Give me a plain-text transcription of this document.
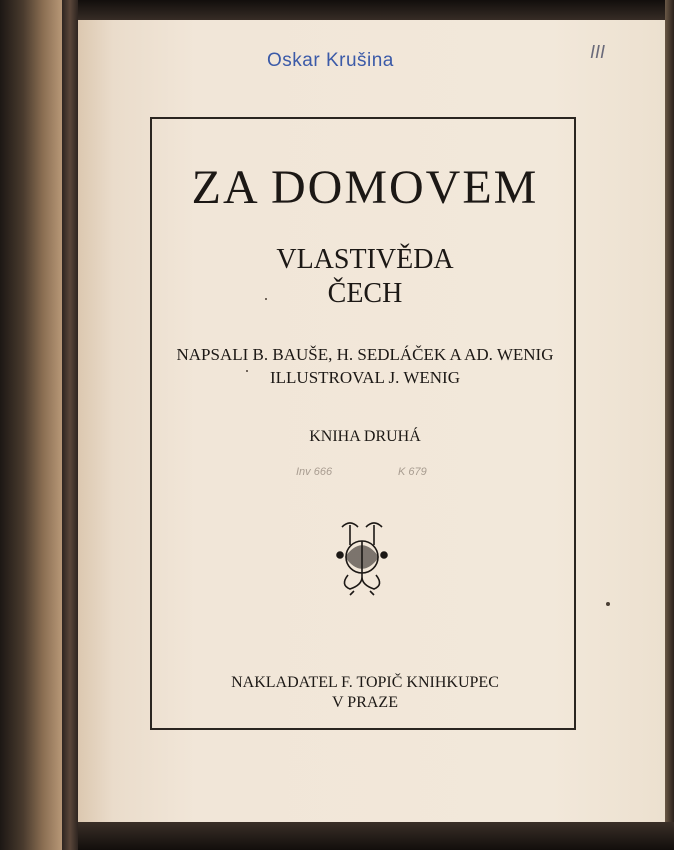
Oskar Krušina	III
ZA DOMOVEM
VLASTIVĚDA
ČECH
NAPSALI B. BAUŠE, H. SEDLÁČEK A AD. WENIG
ILLUSTROVAL J. WENIG
KNIHA DRUHÁ
Inv 666	K 679
NAKLADATEL F. TOPIČ KNIHKUPEC
V PRAZE
